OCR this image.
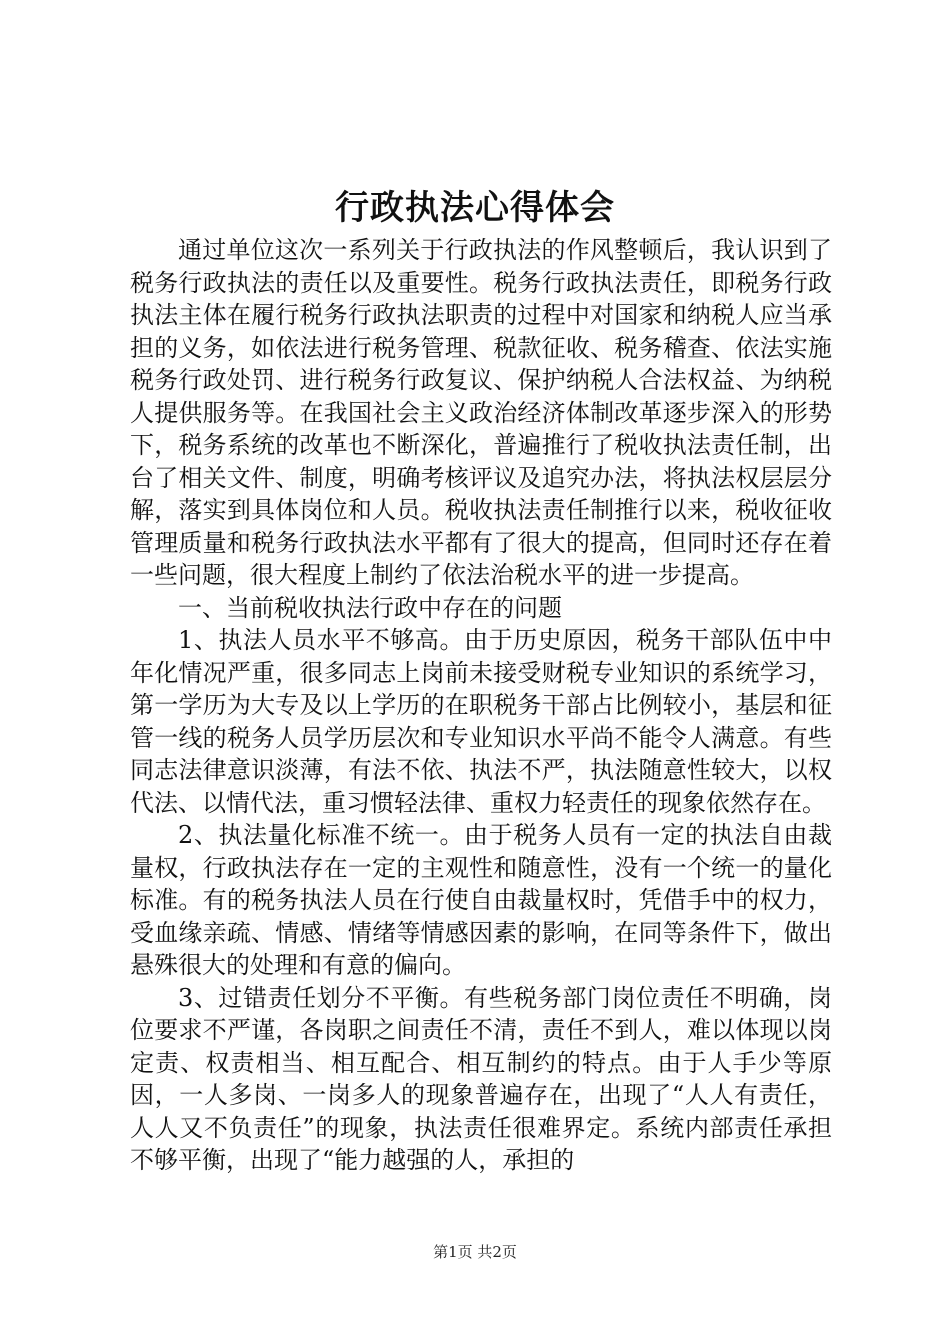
行政执法心得体会

通过单位这次一系列关于行政执法的作风整顿后，我认识到了税务行政执法的责任以及重要性。税务行政执法责任，即税务行政执法主体在履行税务行政执法职责的过程中对国家和纳税人应当承担的义务，如依法进行税务管理、税款征收、税务稽查、依法实施税务行政处罚、进行税务行政复议、保护纳税人合法权益、为纳税人提供服务等。在我国社会主义政治经济体制改革逐步深入的形势下，税务系统的改革也不断深化，普遍推行了税收执法责任制，出台了相关文件、制度，明确考核评议及追究办法，将执法权层层分解，落实到具体岗位和人员。税收执法责任制推行以来，税收征收管理质量和税务行政执法水平都有了很大的提高，但同时还存在着一些问题，很大程度上制约了依法治税水平的进一步提高。

一、当前税收执法行政中存在的问题

1、执法人员水平不够高。由于历史原因，税务干部队伍中中年化情况严重，很多同志上岗前未接受财税专业知识的系统学习，第一学历为大专及以上学历的在职税务干部占比例较小，基层和征管一线的税务人员学历层次和专业知识水平尚不能令人满意。有些同志法律意识淡薄，有法不依、执法不严，执法随意性较大，以权代法、以情代法，重习惯轻法律、重权力轻责任的现象依然存在。

2、执法量化标准不统一。由于税务人员有一定的执法自由裁量权，行政执法存在一定的主观性和随意性，没有一个统一的量化标准。有的税务执法人员在行使自由裁量权时，凭借手中的权力，受血缘亲疏、情感、情绪等情感因素的影响，在同等条件下，做出悬殊很大的处理和有意的偏向。

3、过错责任划分不平衡。有些税务部门岗位责任不明确，岗位要求不严谨，各岗职之间责任不清，责任不到人，难以体现以岗定责、权责相当、相互配合、相互制约的特点。由于人手少等原因，一人多岗、一岗多人的现象普遍存在，出现了“人人有责任，人人又不负责任”的现象，执法责任很难界定。系统内部责任承担不够平衡，出现了“能力越强的人，承担的

第1页 共2页
